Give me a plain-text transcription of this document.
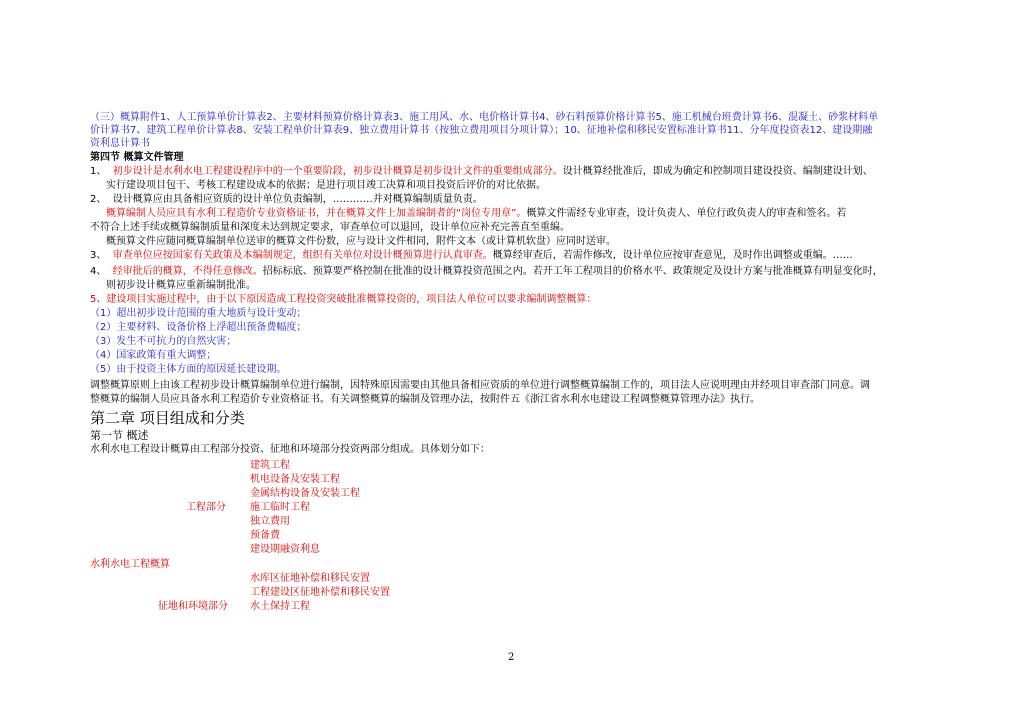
（三）概算附件1、人工预算单价计算表2、主要材料预算价格计算表3、施工用风、水、电价格计算书4、砂石料预算价格计算书5、施工机械台班费计算书6、混凝土、砂浆材料单
价计算书7、建筑工程单价计算表8、安装工程单价计算表9、独立费用计算书（按独立费用项目分项计算）；10、征地补偿和移民安置标准计算书11、分年度投资表12、建设期融
资利息计算书
第四节 概算文件管理
1、 初步设计是水利水电工程建设程序中的一个重要阶段，初步设计概算是初步设计文件的重要组成部分。设计概算经批准后，即成为确定和控制项目建设投资、编制建设计划、
实行建设项目包干、考核工程建设成本的依据；是进行项目竣工决算和项目投资后评价的对比依据。
2、 设计概算应由具备相应资质的设计单位负责编制，…………并对概算编制质量负责。
概算编制人员应具有水利工程造价专业资格证书，并在概算文件上加盖编制者的“岗位专用章”。概算文件需经专业审查，设计负责人、单位行政负责人的审查和签名。若
不符合上述手续或概算编制质量和深度未达到规定要求，审查单位可以退回，设计单位应补充完善直至重编。
概预算文件应随同概算编制单位送审的概算文件份数，应与设计文件相同，附件文本（或计算机软盘）应同时送审。
3、 审查单位应按国家有关政策及本编制规定，组织有关单位对设计概预算进行认真审查。概算经审查后，若需作修改，设计单位应按审查意见，及时作出调整或重编。……
4、 经审批后的概算，不得任意修改。招标标底、预算要严格控制在批准的设计概算投资范围之内。若开工年工程项目的价格水平、政策规定及设计方案与批准概算有明显变化时，
则初步设计概算应重新编制批准。
5、建设项目实施过程中，由于以下原因造成工程投资突破批准概算投资的，项目法人单位可以要求编制调整概算：
（1）超出初步设计范围的重大地质与设计变动；
（2）主要材料、设备价格上浮超出预备费幅度；
（3）发生不可抗力的自然灾害；
（4）国家政策有重大调整；
（5）由于投资主体方面的原因延长建设期。
调整概算原则上由该工程初步设计概算编制单位进行编制，因特殊原因需要由其他具备相应资质的单位进行调整概算编制工作的，项目法人应说明理由并经项目审查部门同意。调
整概算的编制人员应具备水利工程造价专业资格证书。有关调整概算的编制及管理办法，按附件五《浙江省水利水电建设工程调整概算管理办法》执行。
第二章 项目组成和分类
第一节 概述
水利水电工程设计概算由工程部分投资、征地和环境部分投资两部分组成。具体划分如下：
建筑工程
机电设备及安装工程
金属结构设备及安装工程
工程部分 施工临时工程
独立费用
预备费
建设期融资利息
水利水电工程概算
水库区征地补偿和移民安置
工程建设区征地补偿和移民安置
征地和环境部分 水土保持工程
2
